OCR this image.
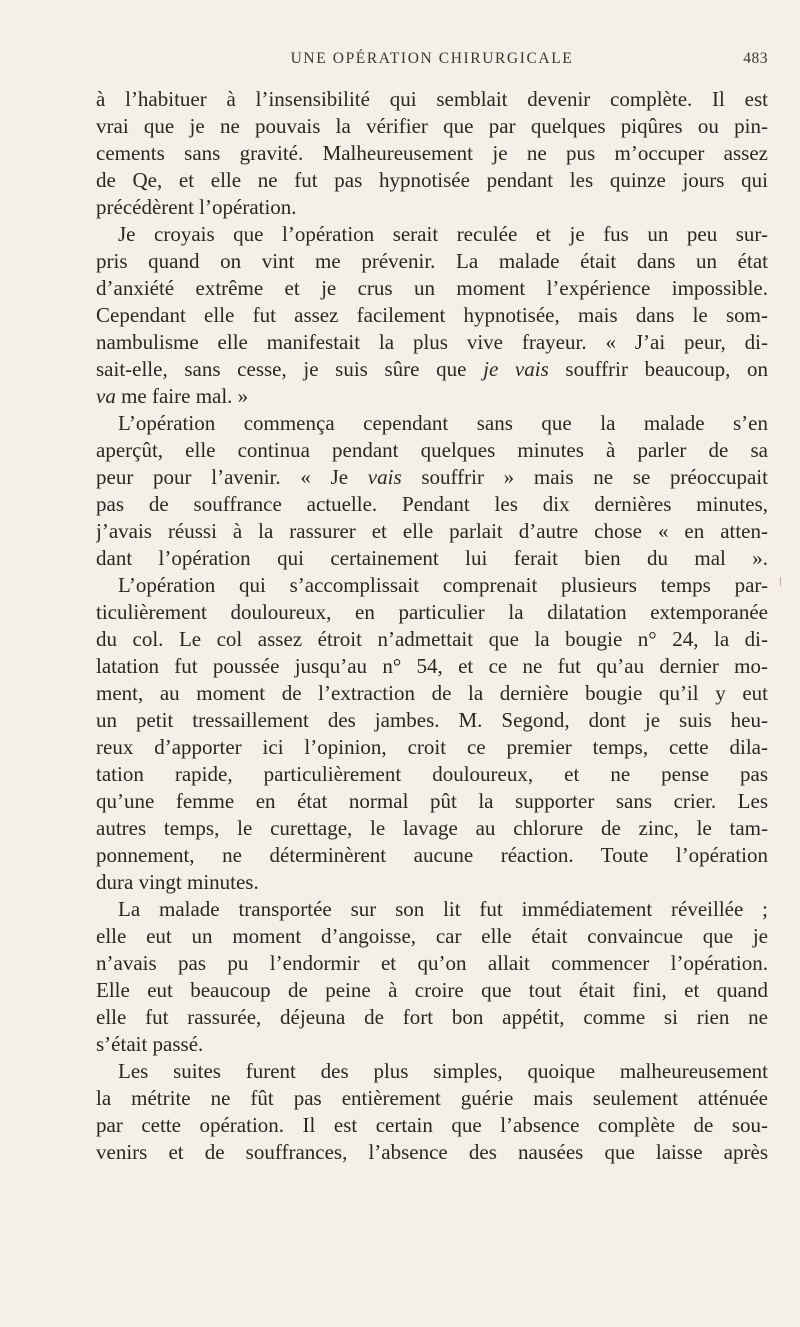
UNE OPÉRATION CHIRURGICALE	483
à l’habituer à l’insensibilité qui semblait devenir complète. Il est
vrai que je ne pouvais la vérifier que par quelques piqûres ou pin-
cements sans gravité. Malheureusement je ne pus m’occuper assez
de Qe, et elle ne fut pas hypnotisée pendant les quinze jours qui
précédèrent l’opération.
Je croyais que l’opération serait reculée et je fus un peu sur-
pris quand on vint me prévenir. La malade était dans un état
d’anxiété extrême et je crus un moment l’expérience impossible.
Cependant elle fut assez facilement hypnotisée, mais dans le som-
nambulisme elle manifestait la plus vive frayeur. « J’ai peur, di-
sait-elle, sans cesse, je suis sûre que je vais souffrir beaucoup, on
va me faire mal. »
L’opération commença cependant sans que la malade s’en
aperçût, elle continua pendant quelques minutes à parler de sa
peur pour l’avenir. « Je vais souffrir » mais ne se préoccupait
pas de souffrance actuelle. Pendant les dix dernières minutes,
j’avais réussi à la rassurer et elle parlait d’autre chose « en atten-
dant l’opération qui certainement lui ferait bien du mal ».
L’opération qui s’accomplissait comprenait plusieurs temps par-
ticulièrement douloureux, en particulier la dilatation extemporanée
du col. Le col assez étroit n’admettait que la bougie n° 24, la di-
latation fut poussée jusqu’au n° 54, et ce ne fut qu’au dernier mo-
ment, au moment de l’extraction de la dernière bougie qu’il y eut
un petit tressaillement des jambes. M. Segond, dont je suis heu-
reux d’apporter ici l’opinion, croit ce premier temps, cette dila-
tation rapide, particulièrement douloureux, et ne pense pas
qu’une femme en état normal pût la supporter sans crier. Les
autres temps, le curettage, le lavage au chlorure de zinc, le tam-
ponnement, ne déterminèrent aucune réaction. Toute l’opération
dura vingt minutes.
La malade transportée sur son lit fut immédiatement réveillée ;
elle eut un moment d’angoisse, car elle était convaincue que je
n’avais pas pu l’endormir et qu’on allait commencer l’opération.
Elle eut beaucoup de peine à croire que tout était fini, et quand
elle fut rassurée, déjeuna de fort bon appétit, comme si rien ne
s’était passé.
Les suites furent des plus simples, quoique malheureusement
la métrite ne fût pas entièrement guérie mais seulement atténuée
par cette opération. Il est certain que l’absence complète de sou-
venirs et de souffrances, l’absence des nausées que laisse après
